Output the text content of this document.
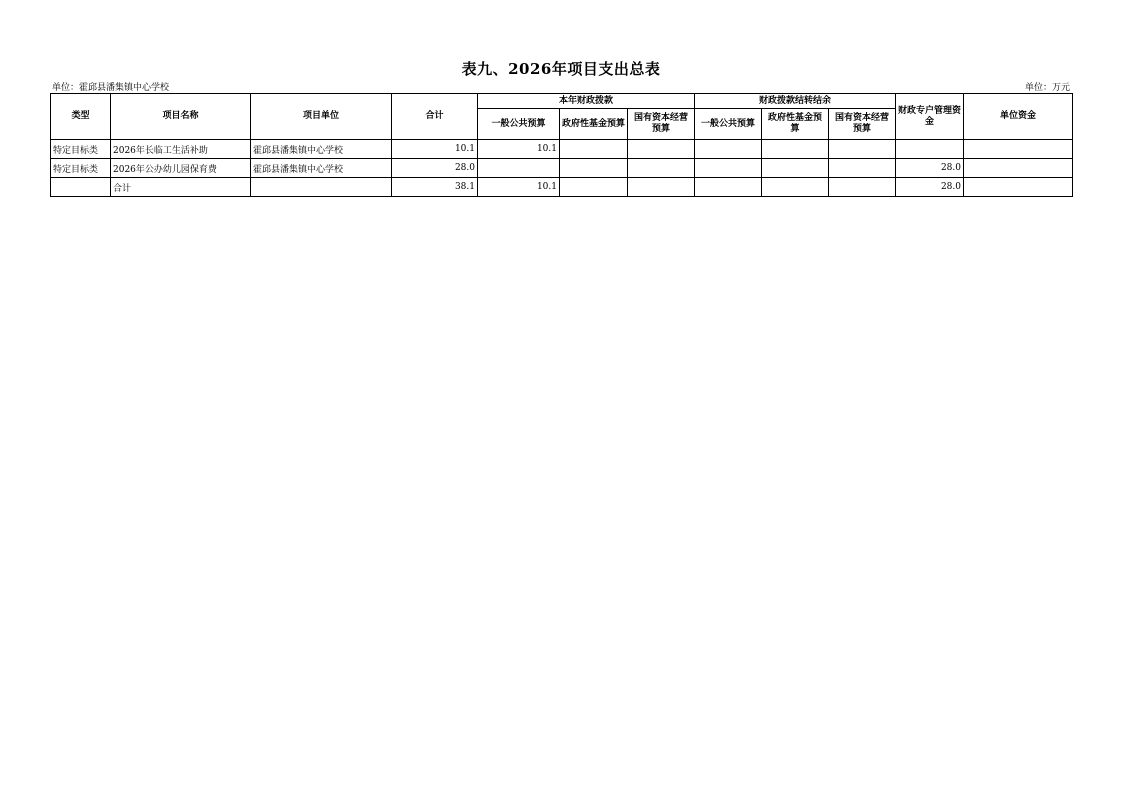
表九、2026年项目支出总表
单位：霍邱县潘集镇中心学校	单位：万元
类型	项目名称	项目单位	合计	本年财政拨款			财政拨款结转结余			财政专户管理资金	单位资金
				一般公共预算	政府性基金预算	国有资本经营预算	一般公共预算	政府性基金预算	国有资本经营预算		
特定目标类	2026年长临工生活补助	霍邱县潘集镇中心学校	10.1	10.1							
特定目标类	2026年公办幼儿园保育费	霍邱县潘集镇中心学校	28.0							28.0	
	合计		38.1	10.1						28.0	
